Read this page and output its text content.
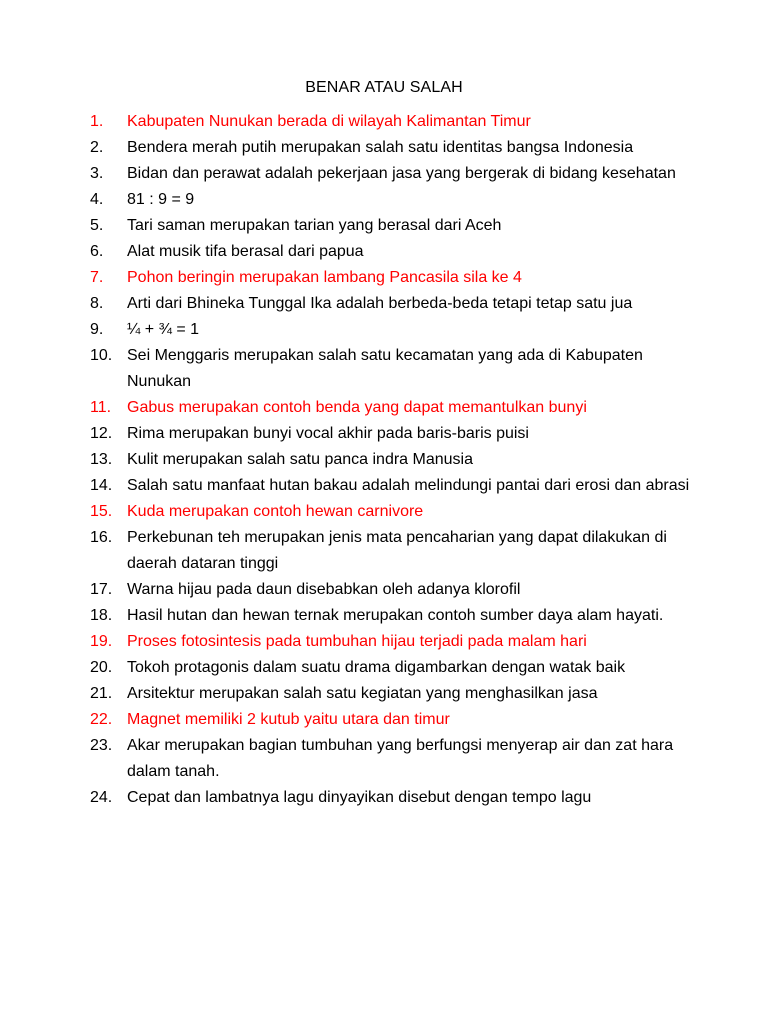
BENAR ATAU SALAH
1. Kabupaten Nunukan berada di wilayah Kalimantan Timur
2. Bendera merah putih merupakan salah satu identitas bangsa Indonesia
3. Bidan dan perawat adalah pekerjaan jasa yang bergerak di bidang kesehatan
4. 81 : 9 = 9
5. Tari saman merupakan tarian yang berasal dari Aceh
6. Alat musik tifa berasal dari papua
7. Pohon beringin merupakan lambang Pancasila sila ke 4
8. Arti dari Bhineka Tunggal Ika adalah berbeda-beda tetapi tetap satu jua
9. ¼ + ¾ = 1
10. Sei Menggaris merupakan salah satu kecamatan yang ada di Kabupaten Nunukan
11. Gabus merupakan contoh benda yang dapat memantulkan bunyi
12. Rima merupakan bunyi vocal akhir pada baris-baris puisi
13. Kulit merupakan salah satu panca indra Manusia
14. Salah satu manfaat hutan bakau adalah melindungi pantai dari erosi dan abrasi
15. Kuda merupakan contoh hewan carnivore
16. Perkebunan teh merupakan jenis mata pencaharian yang dapat dilakukan di daerah dataran tinggi
17. Warna hijau pada daun disebabkan oleh adanya klorofil
18. Hasil hutan dan hewan ternak merupakan contoh sumber daya alam hayati.
19. Proses fotosintesis pada tumbuhan hijau terjadi pada malam hari
20. Tokoh protagonis dalam suatu drama digambarkan dengan watak baik
21. Arsitektur merupakan salah satu kegiatan yang menghasilkan jasa
22. Magnet memiliki 2 kutub yaitu utara dan timur
23. Akar merupakan bagian tumbuhan yang berfungsi menyerap air dan zat hara dalam tanah.
24. Cepat dan lambatnya lagu dinyayikan disebut dengan tempo lagu
